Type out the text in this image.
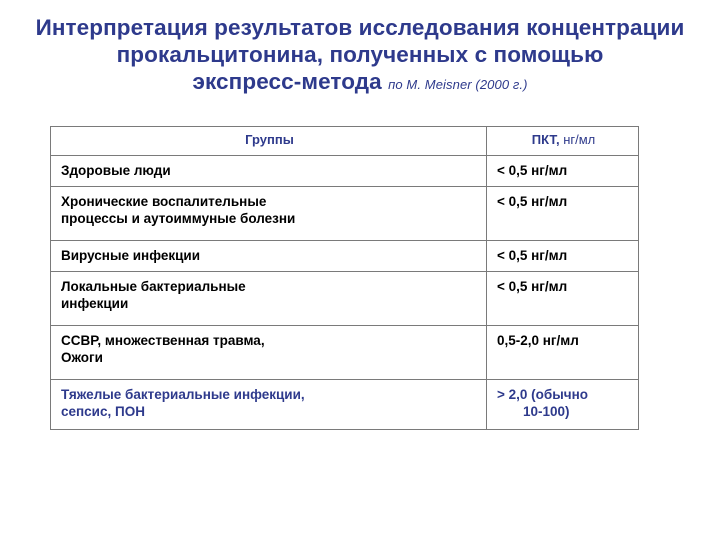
Интерпретация результатов исследования концентрации
прокальцитонина, полученных с помощью
экспресс-метода по M. Meisner (2000 г.)
Группы	ПКТ, нг/мл
Здоровые люди	< 0,5 нг/мл
Хронические воспалительные
процессы и аутоиммуные болезни	< 0,5 нг/мл
Вирусные инфекции	< 0,5 нг/мл
Локальные бактериальные
инфекции	< 0,5 нг/мл
ССВР, множественная травма,
Ожоги	0,5-2,0 нг/мл
Тяжелые бактериальные инфекции,
сепсис, ПОН	> 2,0 (обычно
10-100)
